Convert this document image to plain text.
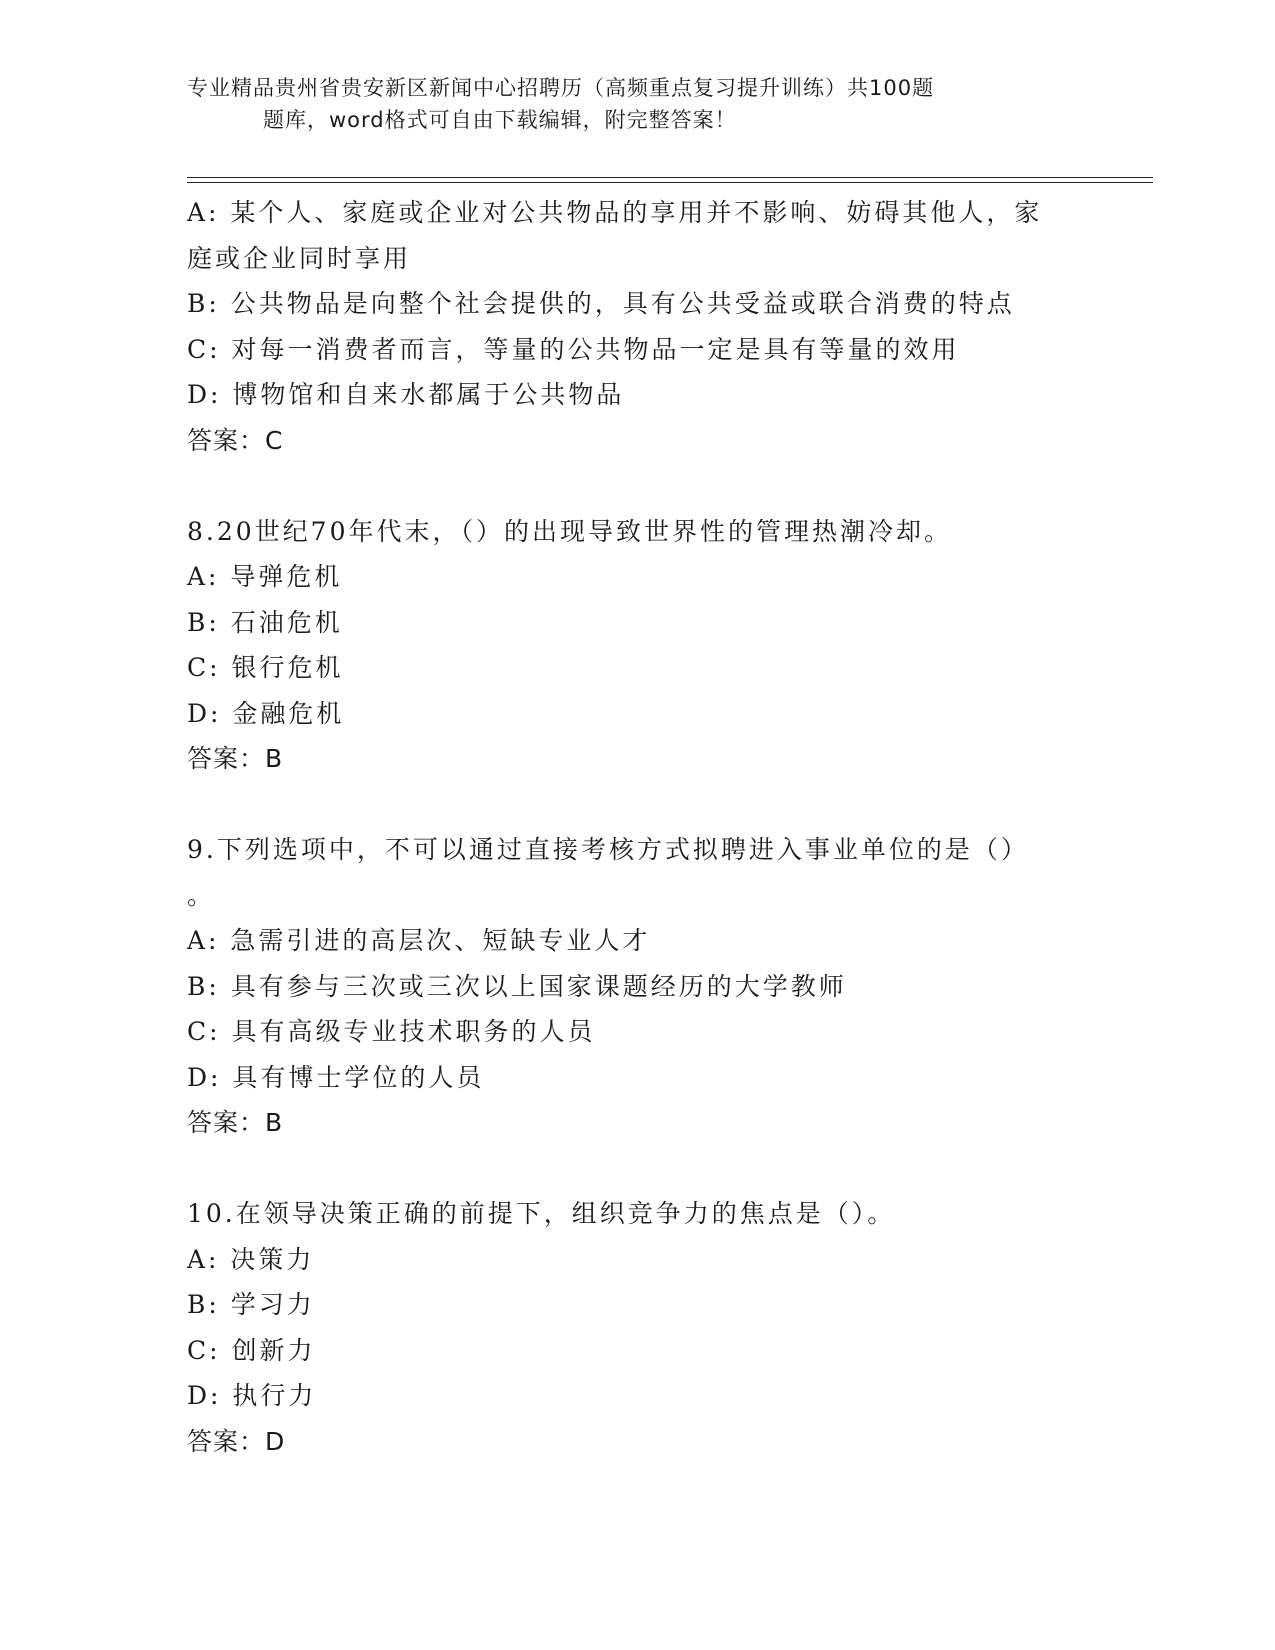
专业精品贵州省贵安新区新闻中心招聘历（高频重点复习提升训练）共100题
题库，word格式可自由下载编辑，附完整答案！
A: 某个人、家庭或企业对公共物品的享用并不影响、妨碍其他人，家
庭或企业同时享用
B: 公共物品是向整个社会提供的，具有公共受益或联合消费的特点
C: 对每一消费者而言，等量的公共物品一定是具有等量的效用
D: 博物馆和自来水都属于公共物品
答案：C
8.20世纪70年代末，（）的出现导致世界性的管理热潮冷却。
A: 导弹危机
B: 石油危机
C: 银行危机
D: 金融危机
答案：B
9.下列选项中，不可以通过直接考核方式拟聘进入事业单位的是（）
。
A: 急需引进的高层次、短缺专业人才
B: 具有参与三次或三次以上国家课题经历的大学教师
C: 具有高级专业技术职务的人员
D: 具有博士学位的人员
答案：B
10.在领导决策正确的前提下，组织竞争力的焦点是（）。
A: 决策力
B: 学习力
C: 创新力
D: 执行力
答案：D
